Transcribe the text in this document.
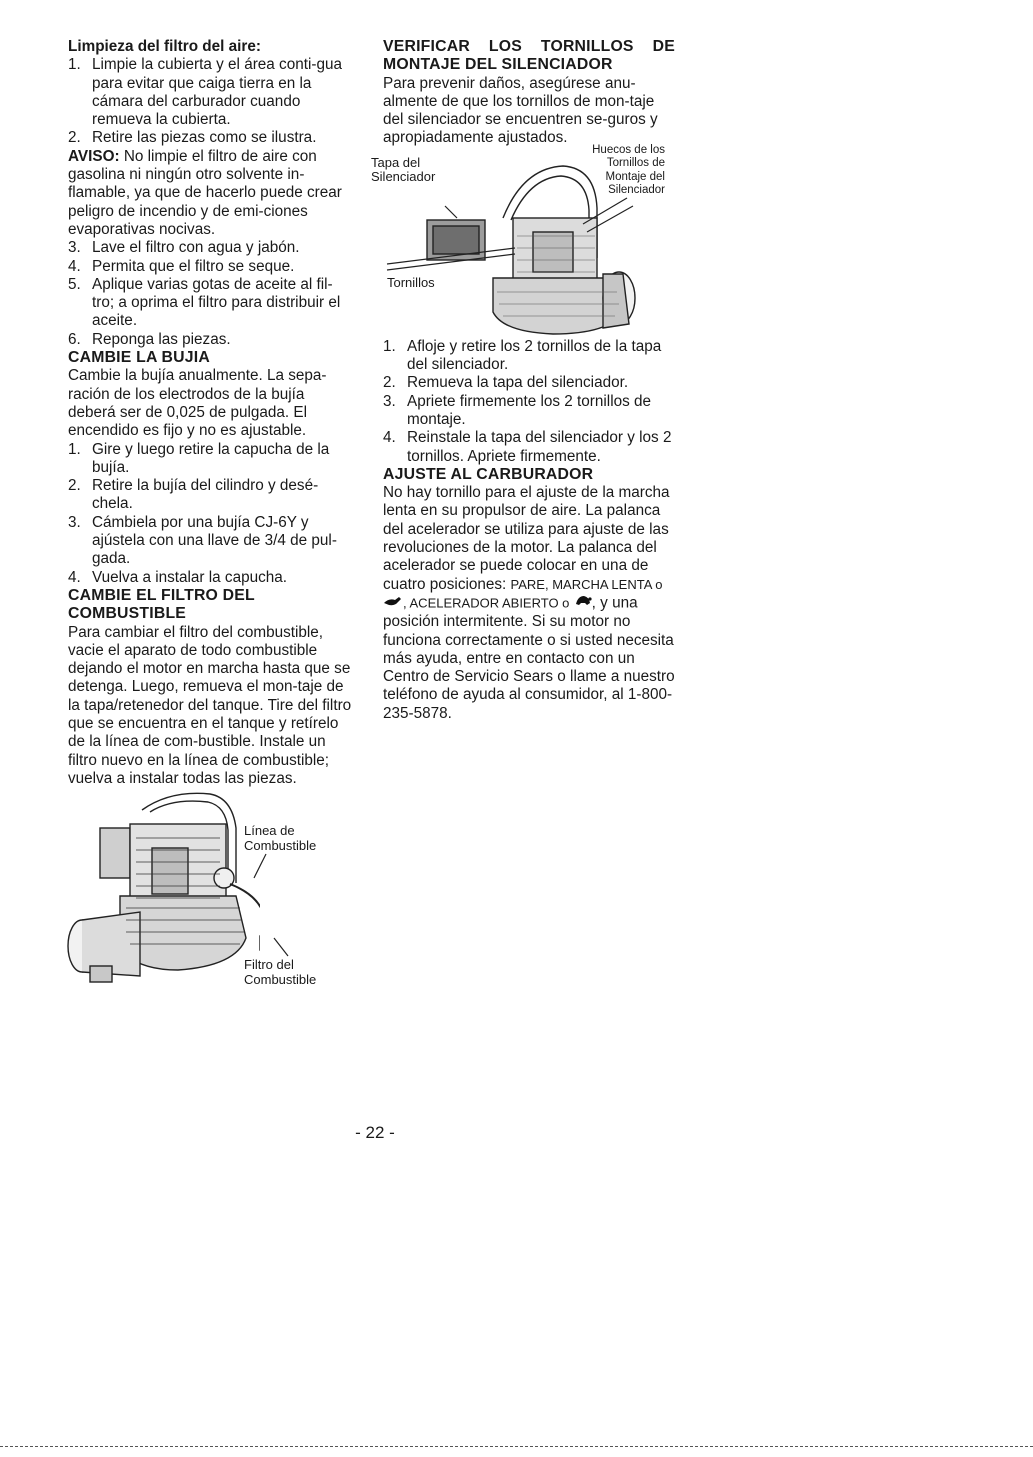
Limpieza del filtro del aire:
1. Limpie la cubierta y el área conti-gua para evitar que caiga tierra en la cámara del carburador cuando remueva la cubierta.
2. Retire las piezas como se ilustra.
AVISO: No limpie el filtro de aire con gasolina ni ningún otro solvente in-flamable, ya que de hacerlo puede crear peligro de incendio y de emi-ciones evaporativas nocivas.
3. Lave el filtro con agua y jabón.
4. Permita que el filtro se seque.
5. Aplique varias gotas de aceite al fil-tro; a oprima el filtro para distribuir el aceite.
6. Reponga las piezas.
CAMBIE LA BUJIA
Cambie la bujía anualmente. La sepa-ración de los electrodos de la bujía deberá ser de 0,025 de pulgada. El encendido es fijo y no es ajustable.
1. Gire y luego retire la capucha de la bujía.
2. Retire la bujía del cilindro y desé-chela.
3. Cámbiela por una bujía CJ-6Y y ajústela con una llave de 3/4 de pul-gada.
4. Vuelva a instalar la capucha.
CAMBIE EL FILTRO DEL
COMBUSTIBLE
Para cambiar el filtro del combustible, vacie el aparato de todo combustible dejando el motor en marcha hasta que se detenga. Luego, remueva el mon-taje de la tapa/retenedor del tanque. Tire del filtro que se encuentra en el tanque y retírelo de la línea de com-bustible. Instale un filtro nuevo en la línea de combustible; vuelva a instalar todas las piezas.
Línea de
Combustible
Filtro del
Combustible
VERIFICAR LOS TORNILLOS DE
MONTAJE DEL SILENCIADOR
Para prevenir daños, asegúrese anu-almente de que los tornillos de mon-taje del silenciador se encuentren se-guros y apropiadamente ajustados.
Huecos de los
Tornillos de
Montaje del
Silenciador
Tapa del
Silenciador
Tornillos
1. Afloje y retire los 2 tornillos de la tapa del silenciador.
2. Remueva la tapa del silenciador.
3. Apriete firmemente los 2 tornillos de montaje.
4. Reinstale la tapa del silenciador y los 2 tornillos. Apriete firmemente.
AJUSTE AL CARBURADOR
No hay tornillo para el ajuste de la marcha lenta en su propulsor de aire. La palanca del acelerador se utiliza para ajuste de las revoluciones de la motor. La palanca del acelerador se puede colocar en una de cuatro posiciones: PARE, MARCHA LENTA o , ACELERADOR ABIERTO o , y una posición intermitente. Si su motor no funciona correctamente o si usted necesita más ayuda, entre en contacto con un Centro de Servicio Sears o llame a nuestro teléfono de ayuda al consumidor, al 1-800-235-5878.
- 22 -
